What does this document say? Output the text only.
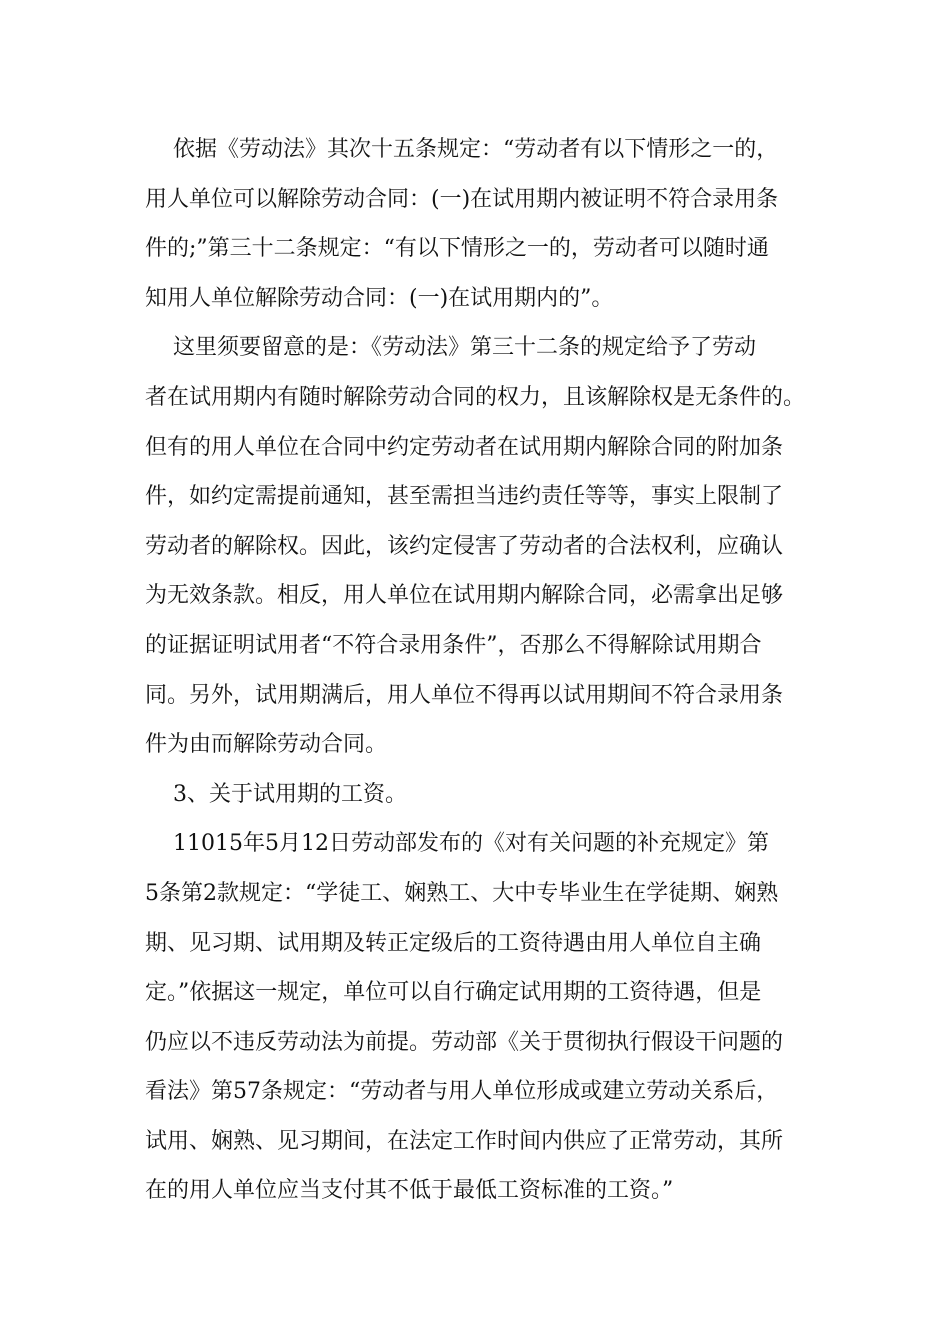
依据《劳动法》其次十五条规定：“劳动者有以下情形之一的，
用人单位可以解除劳动合同：(一)在试用期内被证明不符合录用条
件的;”第三十二条规定：“有以下情形之一的，劳动者可以随时通
知用人单位解除劳动合同：(一)在试用期内的”。
这里须要留意的是：《劳动法》第三十二条的规定给予了劳动
者在试用期内有随时解除劳动合同的权力，且该解除权是无条件的。
但有的用人单位在合同中约定劳动者在试用期内解除合同的附加条
件，如约定需提前通知，甚至需担当违约责任等等，事实上限制了
劳动者的解除权。因此，该约定侵害了劳动者的合法权利，应确认
为无效条款。相反，用人单位在试用期内解除合同，必需拿出足够
的证据证明试用者“不符合录用条件”，否那么不得解除试用期合
同。另外，试用期满后，用人单位不得再以试用期间不符合录用条
件为由而解除劳动合同。
3、关于试用期的工资。
11015年5月12日劳动部发布的《对有关问题的补充规定》第
5条第2款规定：“学徒工、娴熟工、大中专毕业生在学徒期、娴熟
期、见习期、试用期及转正定级后的工资待遇由用人单位自主确
定。”依据这一规定，单位可以自行确定试用期的工资待遇，但是
仍应以不违反劳动法为前提。劳动部《关于贯彻执行假设干问题的
看法》第57条规定：“劳动者与用人单位形成或建立劳动关系后，
试用、娴熟、见习期间，在法定工作时间内供应了正常劳动，其所
在的用人单位应当支付其不低于最低工资标准的工资。”
